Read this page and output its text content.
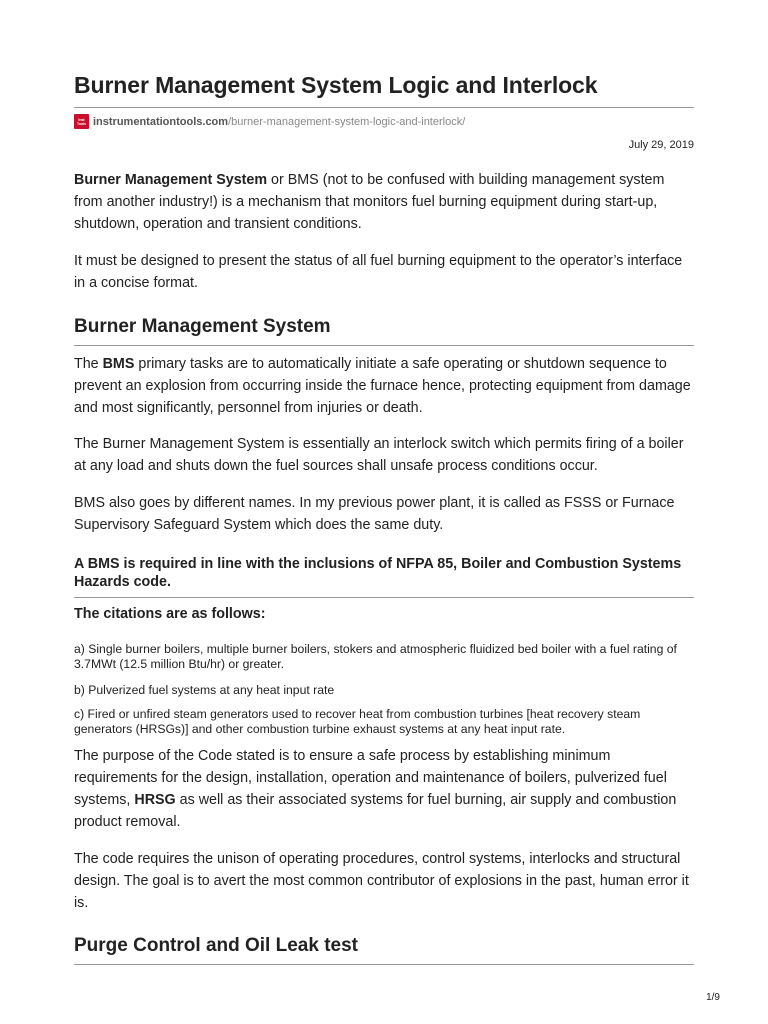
Burner Management System Logic and Interlock
Inst Tools instrumentationtools.com /burner-management-system-logic-and-interlock/
July 29, 2019

Burner Management System or BMS (not to be confused with building management system from another industry!) is a mechanism that monitors fuel burning equipment during start-up, shutdown, operation and transient conditions.

It must be designed to present the status of all fuel burning equipment to the operator’s interface in a concise format.

Burner Management System

The BMS primary tasks are to automatically initiate a safe operating or shutdown sequence to prevent an explosion from occurring inside the furnace hence, protecting equipment from damage and most significantly, personnel from injuries or death.

The Burner Management System is essentially an interlock switch which permits firing of a boiler at any load and shuts down the fuel sources shall unsafe process conditions occur.

BMS also goes by different names. In my previous power plant, it is called as FSSS or Furnace Supervisory Safeguard System which does the same duty.

A BMS is required in line with the inclusions of NFPA 85, Boiler and Combustion Systems Hazards code.

The citations are as follows:

a) Single burner boilers, multiple burner boilers, stokers and atmospheric fluidized bed boiler with a fuel rating of 3.7MWt (12.5 million Btu/hr) or greater.

b) Pulverized fuel systems at any heat input rate

c) Fired or unfired steam generators used to recover heat from combustion turbines [heat recovery steam generators (HRSGs)] and other combustion turbine exhaust systems at any heat input rate.

The purpose of the Code stated is to ensure a safe process by establishing minimum requirements for the design, installation, operation and maintenance of boilers, pulverized fuel systems, HRSG as well as their associated systems for fuel burning, air supply and combustion product removal.

The code requires the unison of operating procedures, control systems, interlocks and structural design. The goal is to avert the most common contributor of explosions in the past, human error it is.

Purge Control and Oil Leak test
1/9
